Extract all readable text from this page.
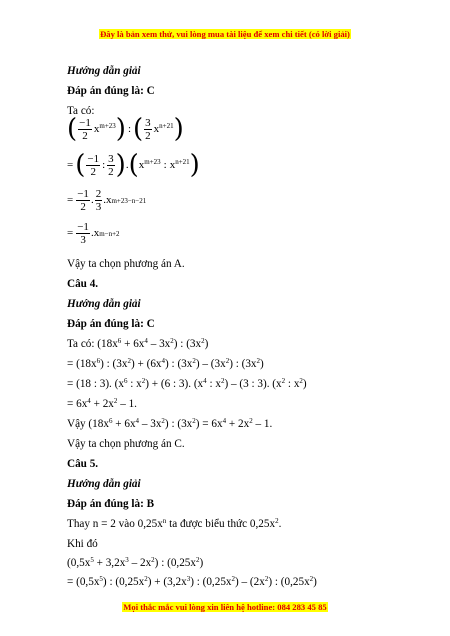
Đây là bản xem thử, vui lòng mua tài liệu để xem chi tiết (có lời giải)
Hướng dẫn giải
Đáp án đúng là: C
Ta có:
( $\frac{-1}{2} x^{m+23}$ ) : ( $\frac{3}{2} x^{n+21}$ )
= ( $\frac{-1}{2}$ : $\frac{3}{2}$ ) . ( $x^{m+23}$ : $x^{n+21}$ )
= $\frac{-1}{2}$ . $\frac{2}{3} .x$ m+23−n−21
= $\frac{-1}{3} .x$ m−n+2
Vậy ta chọn phương án A.
Câu 4.
Hướng dẫn giải
Đáp án đúng là: C
Ta có: $(18x^6 + 6x^4 - 3x^2)$ : $(3x^2)$
= $(18x^6)$ : $(3x^2) + (6x^4)$ : $(3x^2) - (3x^2)$ : $(3x^2)$
= (18 : 3). ($x^6$ : $x^2) + (6$ : 3). ($x^4$ : $x^2) - (3$ : 3). ($x^2$ : $x^2$)
= $6x^4 + 2x^2 - 1$.
Vậy $(18x^6 + 6x^4 - 3x^2)$ : $(3x^2) = 6x^4 + 2x^2 - 1$.
Vậy ta chọn phương án C.
Câu 5.
Hướng dẫn giải
Đáp án đúng là: B
Thay n = 2 vào $0,25x^n$ ta được biểu thức $0,25x^2$.
Khi đó
$(0,5x^5 + 3,2x^3 - 2x^2)$ : $(0,25x^2)$
= $(0,5x^5)$ : $(0,25x^2) + (3,2x^3)$ : $(0,25x^2) - (2x^2)$ : $(0,25x^2)$
Mọi thắc mắc vui lòng xin liên hệ hotline: 084 283 45 85
